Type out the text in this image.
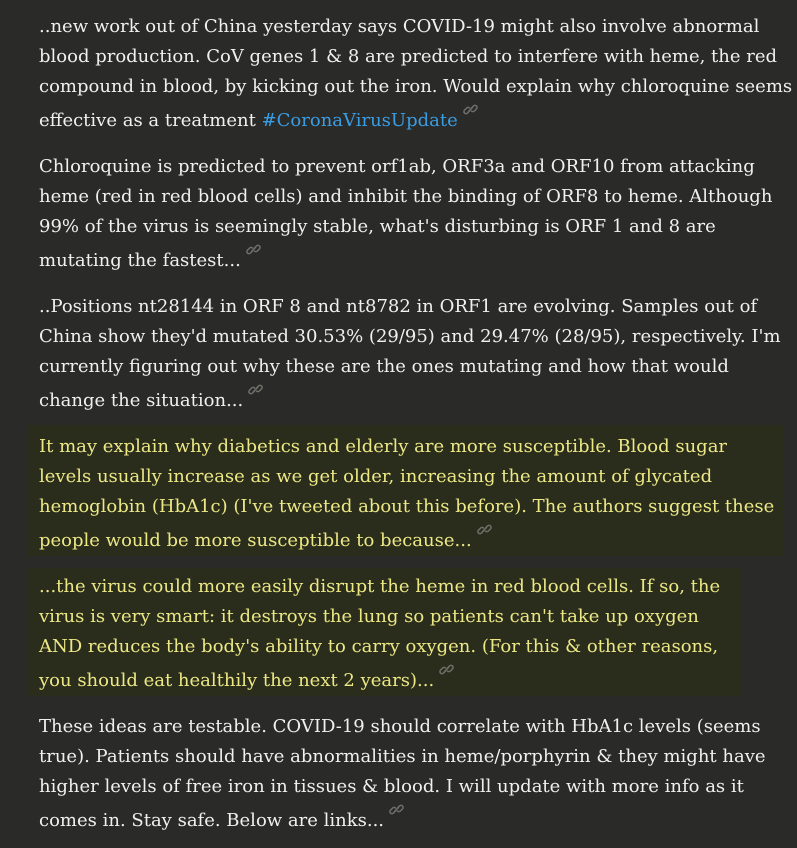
..new work out of China yesterday says COVID-19 might also involve abnormal blood production. CoV genes 1 & 8 are predicted to interfere with heme, the red compound in blood, by kicking out the iron. Would explain why chloroquine seems effective as a treatment #CoronaVirusUpdate

Chloroquine is predicted to prevent orf1ab, ORF3a and ORF10 from attacking heme (red in red blood cells) and inhibit the binding of ORF8 to heme. Although 99% of the virus is seemingly stable, what's disturbing is ORF 1 and 8 are mutating the fastest...

..Positions nt28144 in ORF 8 and nt8782 in ORF1 are evolving. Samples out of China show they'd mutated 30.53% (29/95) and 29.47% (28/95), respectively. I'm currently figuring out why these are the ones mutating and how that would change the situation...

It may explain why diabetics and elderly are more susceptible. Blood sugar levels usually increase as we get older, increasing the amount of glycated hemoglobin (HbA1c) (I've tweeted about this before). The authors suggest these people would be more susceptible to because...

...the virus could more easily disrupt the heme in red blood cells. If so, the virus is very smart: it destroys the lung so patients can't take up oxygen AND reduces the body's ability to carry oxygen. (For this & other reasons, you should eat healthily the next 2 years)...

These ideas are testable. COVID-19 should correlate with HbA1c levels (seems true). Patients should have abnormalities in heme/porphyrin & they might have higher levels of free iron in tissues & blood. I will update with more info as it comes in. Stay safe. Below are links...
